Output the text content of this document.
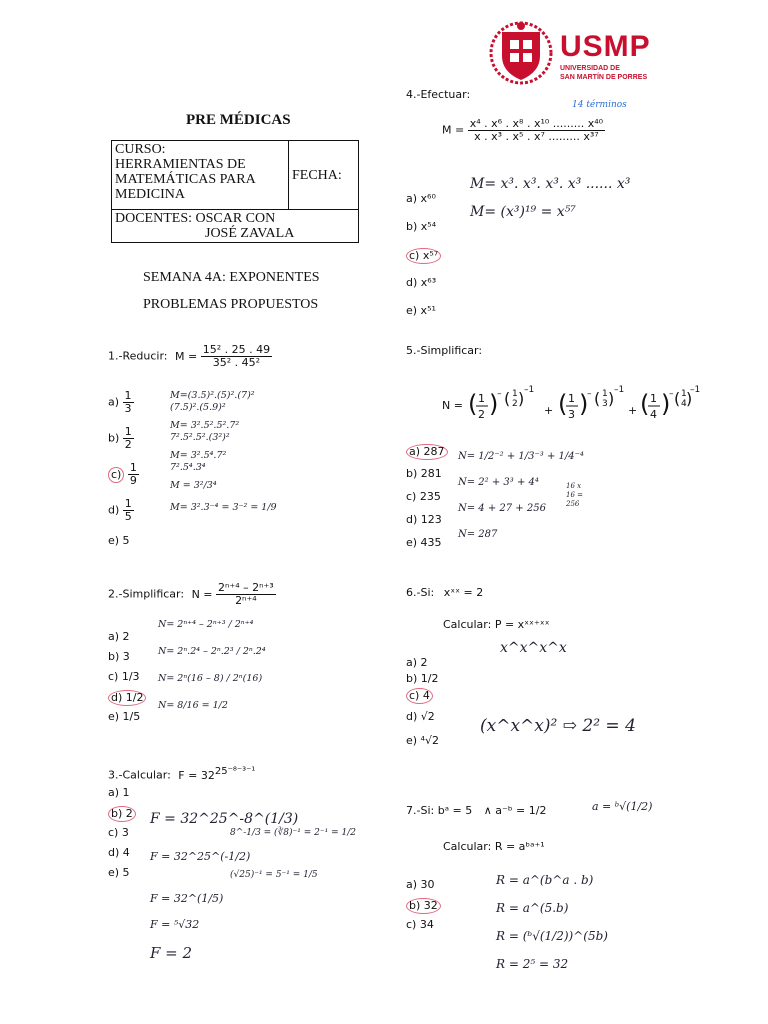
USMP
UNIVERSIDAD DE
SAN MARTÍN DE PORRES
PRE MÉDICAS
CURSO:
HERRAMIENTAS DE
MATEMÁTICAS PARA
MEDICINA

FECHA:

DOCENTES: OSCAR CON
JOSÉ ZAVALA
SEMANA 4A: EXPONENTES
PROBLEMAS PROPUESTOS
1.-Reducir: $M = \frac{\text{15² . 25 . 49}}{\text{35² . 45²}}$
$a) \frac{1}{3}$
$b) \frac{1}{2}$
$c) \frac{1}{9}$
$d) \frac{1}{5}$
e) 5
M=(3.5)².(5)².(7)²
(7.5)².(5.9)²
M= 3².5².5².7²
7².5².5².(3²)²
M= 3².5⁴.7²
7².5⁴.3⁴
M = 3²/3⁴
M= 3².3⁻⁴ = 3⁻² = 1/9
2.-Simplificar: $N = \frac{\text{2ⁿ⁺⁴ – 2ⁿ⁺³}}{\text{2ⁿ⁺⁴}}$
a) 2
b) 3
c) 1/3
d) 1/2
e) 1/5
N= 2ⁿ⁺⁴ – 2ⁿ⁺³ / 2ⁿ⁺⁴
N= 2ⁿ.2⁴ – 2ⁿ.2³ / 2ⁿ.2⁴
N= 2ⁿ(16 – 8) / 2ⁿ(16)
N= 8/16 = 1/2
3.-Calcular: $F = 32^{25^{-8-3-1}}$
a) 1
b) 2
c) 3
d) 4
e) 5
F = 32^25^-8^(1/3)
8^-1/3 = (∛8)⁻¹ = 2⁻¹ = 1/2
F = 32^25^(-1/2)
(√25)⁻¹ = 5⁻¹ = 1/5
F = 32^(1/5)
F = ⁵√32
F = 2
4.-Efectuar:
$M = \frac{\text{x⁴ . x⁶ . x⁸ . x¹⁰ ......... x⁴⁰}}{\text{x . x³ . x⁵ . x⁷ ......... x³⁷}}$
14 términos
a) x⁶⁰
b) x⁵⁴
c) x⁵⁷
d) x⁶³
e) x⁵¹
M= x³. x³. x³. x³ ...... x³
M= (x³)¹⁹ = x⁵⁷
5.-Simplificar:
N = ( 1
2 )
– ( 1
2 ) –1
+ ( 1
3 )
– ( 1
3 ) –1
+ ( 1
4 )
– ( 1
4 )
–1
a) 287
b) 281
c) 235
d) 123
e) 435
N= 1/2⁻² + 1/3⁻³ + 1/4⁻⁴
N= 2² + 3³ + 4⁴
N= 4 + 27 + 256
N= 287
16 x 16 = 256
6.-Si: xˣˣ = 2
Calcular: P = xˣˣ⁺ˣˣ
a) 2
b) 1/2
c) 4
d) √2
e) ⁴√2
x^x^x^x
(x^x^x)² ⇨ 2² = 4
7.-Si: bᵃ = 5 ∧ a⁻ᵇ = 1/2
Calcular: R = aᵇᵃ⁺¹
a) 30
b) 32
c) 34
R = a^(b^a . b)
R = a^(5.b)
R = (ᵇ√(1/2))^(5b)
R = 2⁵ = 32
a = ᵇ√(1/2)
